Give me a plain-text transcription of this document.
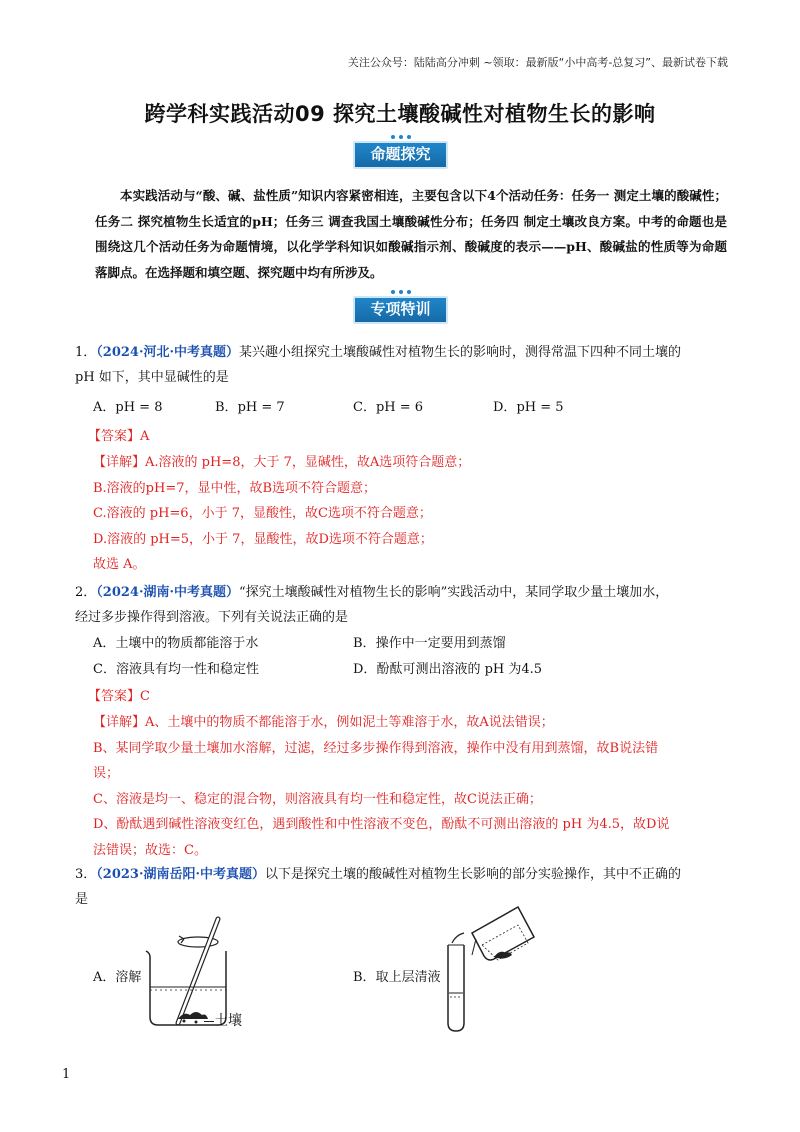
关注公众号：陆陆高分冲刺 ~领取：最新版“小中高考-总复习”、最新试卷下载
跨学科实践活动09 探究土壤酸碱性对植物生长的影响
命题探究

本实践活动与“酸、碱、盐性质”知识内容紧密相连，主要包含以下4个活动任务：任务一 测定土壤的酸碱性；任务二 探究植物生长适宜的pH；任务三 调查我国土壤酸碱性分布；任务四 制定土壤改良方案。中考的命题也是围绕这几个活动任务为命题情境，以化学学科知识如酸碱指示剂、酸碱度的表示——pH、酸碱盐的性质等为命题落脚点。在选择题和填空题、探究题中均有所涉及。

专项特训
1．（2024·河北·中考真题）某兴趣小组探究土壤酸碱性对植物生长的影响时，测得常温下四种不同土壤的
pH 如下，其中显碱性的是
A．pH = 8	B．pH = 7	C．pH = 6	D．pH = 5
【答案】A
【详解】A.溶液的 pH=8，大于 7，显碱性，故A选项符合题意；
B.溶液的pH=7，显中性，故B选项不符合题意；
C.溶液的 pH=6，小于 7，显酸性，故C选项不符合题意；
D.溶液的 pH=5，小于 7，显酸性，故D选项不符合题意；
故选 A。
2．（2024·湖南·中考真题）“探究土壤酸碱性对植物生长的影响”实践活动中，某同学取少量土壤加水，
经过多步操作得到溶液。下列有关说法正确的是
A．土壤中的物质都能溶于水	B．操作中一定要用到蒸馏
C．溶液具有均一性和稳定性	D．酚酞可测出溶液的 pH 为4.5
【答案】C
【详解】A、土壤中的物质不都能溶于水，例如泥土等难溶于水，故A说法错误；
B、某同学取少量土壤加水溶解，过滤，经过多步操作得到溶液，操作中没有用到蒸馏，故B说法错
误；
C、溶液是均一、稳定的混合物，则溶液具有均一性和稳定性，故C说法正确；
D、酚酞遇到碱性溶液变红色，遇到酸性和中性溶液不变色，酚酞不可测出溶液的 pH 为4.5，故D说
法错误；故选：C。
3．（2023·湖南岳阳·中考真题）以下是探究土壤的酸碱性对植物生长影响的部分实验操作，其中不正确的
是
A．溶解	B．取上层清液
土壤
1
